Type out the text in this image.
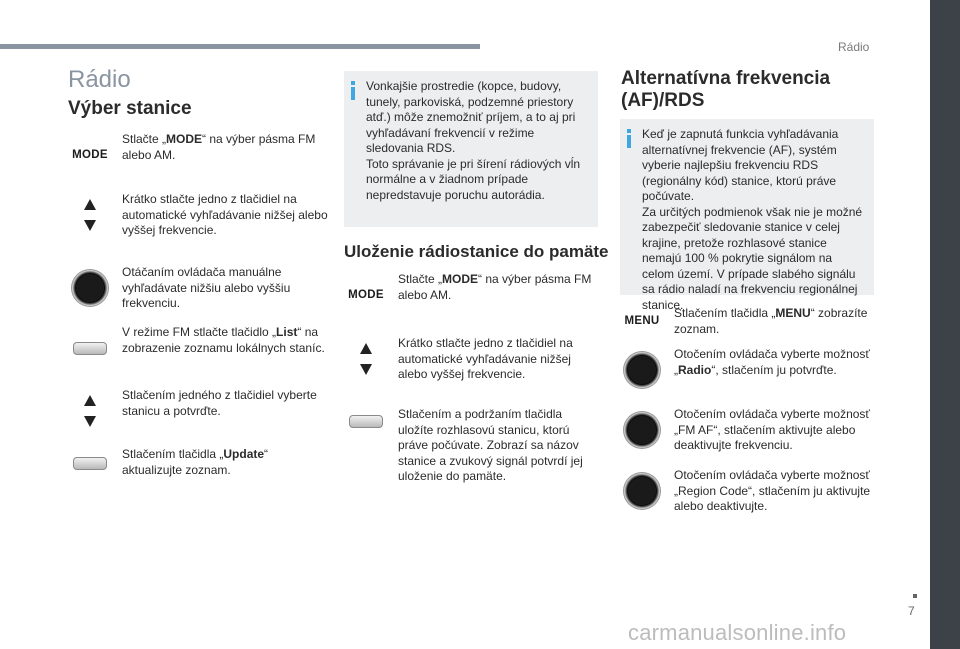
Rádio
7
carmanualsonline.info
Rádio
Výber stanice
MODE
Stlačte „MODE“ na výber pásma FM alebo AM.
Krátko stlačte jedno z tlačidiel na automatické vyhľadávanie nižšej alebo vyššej frekvencie.
Otáčaním ovládača manuálne vyhľadávate nižšiu alebo vyššiu frekvenciu.
V režime FM stlačte tlačidlo „List“ na zobrazenie zoznamu lokálnych staníc.
Stlačením jedného z tlačidiel vyberte stanicu a potvrďte.
Stlačením tlačidla „Update“ aktualizujte zoznam.
Vonkajšie prostredie (kopce, budovy, tunely, parkoviská, podzemné priestory atď.) môže znemožniť príjem, a to aj pri vyhľadávaní frekvencií v režime sledovania RDS.
Toto správanie je pri šírení rádiových vĺn normálne a v žiadnom prípade nepredstavuje poruchu autorádia.
Uloženie rádiostanice do pamäte
MODE
Stlačte „MODE“ na výber pásma FM alebo AM.
Krátko stlačte jedno z tlačidiel na automatické vyhľadávanie nižšej alebo vyššej frekvencie.
Stlačením a podržaním tlačidla uložíte rozhlasovú stanicu, ktorú práve počúvate. Zobrazí sa názov stanice a zvukový signál potvrdí jej uloženie do pamäte.
Alternatívna frekvencia (AF)/RDS
Keď je zapnutá funkcia vyhľadávania alternatívnej frekvencie (AF), systém vyberie najlepšiu frekvenciu RDS (regionálny kód) stanice, ktorú práve počúvate.
Za určitých podmienok však nie je možné zabezpečiť sledovanie stanice v celej krajine, pretože rozhlasové stanice nemajú 100 % pokrytie signálom na celom území. V prípade slabého signálu sa rádio naladí na frekvenciu regionálnej stanice.
MENU
Stlačením tlačidla „MENU“ zobrazíte zoznam.
Otočením ovládača vyberte možnosť „Radio“, stlačením ju potvrďte.
Otočením ovládača vyberte možnosť „FM AF“, stlačením aktivujte alebo deaktivujte frekvenciu.
Otočením ovládača vyberte možnosť „Region Code“, stlačením ju aktivujte alebo deaktivujte.
